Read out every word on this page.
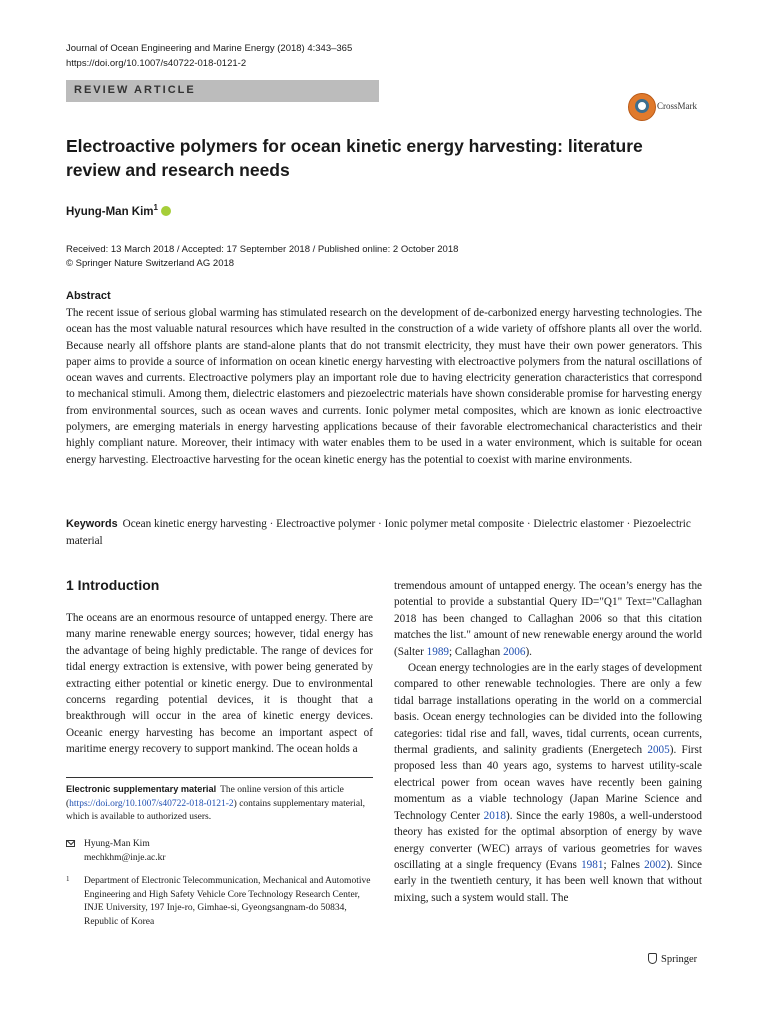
Journal of Ocean Engineering and Marine Energy (2018) 4:343–365
https://doi.org/10.1007/s40722-018-0121-2
REVIEW ARTICLE
CrossMark
Electroactive polymers for ocean kinetic energy harvesting: literature review and research needs
Hyung-Man Kim$^1$
Received: 13 March 2018 / Accepted: 17 September 2018 / Published online: 2 October 2018
© Springer Nature Switzerland AG 2018
Abstract
The recent issue of serious global warming has stimulated research on the development of de-carbonized energy harvesting technologies. The ocean has the most valuable natural resources which have resulted in the construction of a wide variety of offshore plants all over the world. Because nearly all offshore plants are stand-alone plants that do not transmit electricity, they must have their own power generators. This paper aims to provide a source of information on ocean kinetic energy harvesting with electroactive polymers from the natural oscillations of ocean waves and currents. Electroactive polymers play an important role due to having electricity generation characteristics that correspond to mechanical stimuli. Among them, dielectric elastomers and piezoelectric materials have shown considerable promise for harvesting energy from environmental sources, such as ocean waves and currents. Ionic polymer metal composites, which are known as ionic electroactive polymers, are emerging materials in energy harvesting applications because of their favorable electromechanical characteristics and their highly compliant nature. Moreover, their intimacy with water enables them to be used in a water environment, which is suitable for ocean energy harvesting. Electroactive harvesting for the ocean kinetic energy has the potential to coexist with marine environments.
Keywords Ocean kinetic energy harvesting · Electroactive polymer · Ionic polymer metal composite · Dielectric elastomer · Piezoelectric material
1 Introduction
The oceans are an enormous resource of untapped energy. There are many marine renewable energy sources; however, tidal energy has the advantage of being highly predictable. The range of devices for tidal energy extraction is extensive, with power being generated by extracting either potential or kinetic energy. Due to environmental concerns regarding potential devices, it is thought that a breakthrough will occur in the area of kinetic energy devices. Oceanic energy harvesting has become an important aspect of maritime energy recovery to support mankind. The ocean holds a
Electronic supplementary material The online version of this article (https://doi.org/10.1007/s40722-018-0121-2) contains supplementary material, which is available to authorized users.
Hyung-Man Kim
mechkhm@inje.ac.kr
1 Department of Electronic Telecommunication, Mechanical and Automotive Engineering and High Safety Vehicle Core Technology Research Center, INJE University, 197 Inje-ro, Gimhae-si, Gyeongsangnam-do 50834, Republic of Korea

tremendous amount of untapped energy. The ocean’s energy has the potential to provide a substantial Query ID="Q1" Text="Callaghan 2018 has been changed to Callaghan 2006 so that this citation matches the list." amount of new renewable energy around the world (Salter 1989; Callaghan 2006).

Ocean energy technologies are in the early stages of development compared to other renewable technologies. There are only a few tidal barrage installations operating in the world on a commercial basis. Ocean energy technologies can be divided into the following categories: tidal rise and fall, waves, tidal currents, ocean currents, thermal gradients, and salinity gradients (Energetech 2005). First proposed less than 40 years ago, systems to harvest utility-scale electrical power from ocean waves have recently been gaining momentum as a viable technology (Japan Marine Science and Technology Center 2018). Since the early 1980s, a well-understood theory has existed for the optimal absorption of energy by wave energy converter (WEC) arrays of various geometries for waves oscillating at a single frequency (Evans 1981; Falnes 2002). Since early in the twentieth century, it has been well known that without mixing, such a system would stall. The

Springer
